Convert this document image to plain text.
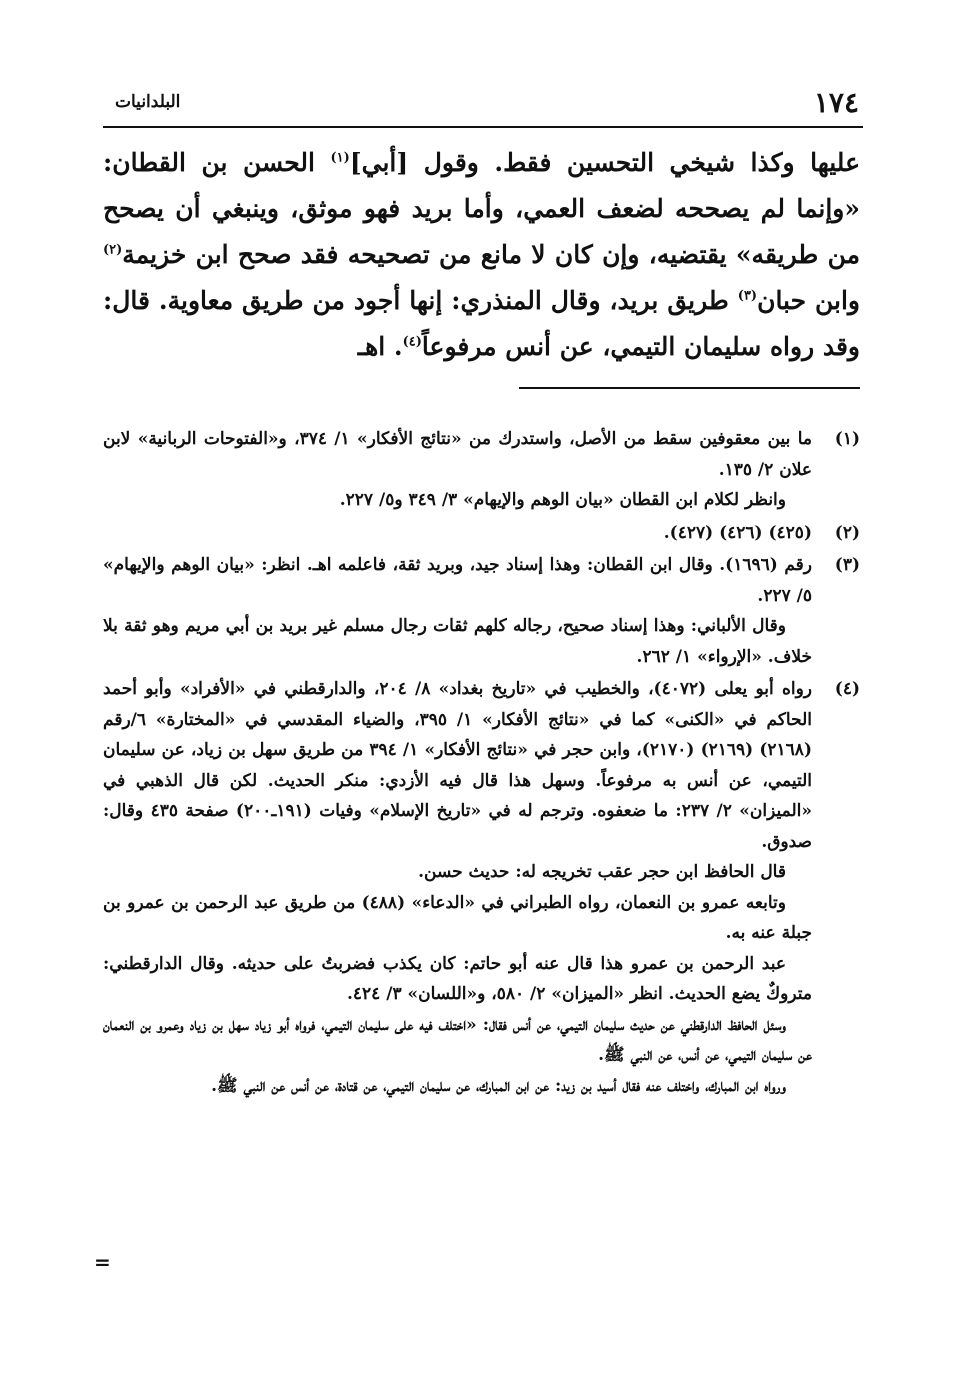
١٧٤
البلدانيات

عليها وكذا شيخي التحسين فقط. وقول [أبي]$^{(١)}$ الحسن بن القطان: «وإنما لم يصححه لضعف العمي، وأما بريد فهو موثق، وينبغي أن يصحح من طريقه» يقتضيه، وإن كان لا مانع من تصحيحه فقد صحح ابن خزيمة$^{(٢)}$ وابن حبان$^{(٣)}$ طريق بريد، وقال المنذري: إنها أجود من طريق معاوية. قال: وقد رواه سليمان التيمي، عن أنس مرفوعاً$^{(٤)}$. اهـ

(١)

ما بين معقوفين سقط من الأصل، واستدرك من «نتائج الأفكار» ١/ ٣٧٤، و«الفتوحات الربانية» لابن علان ٢/ ١٣٥.

وانظر لكلام ابن القطان «بيان الوهم والإيهام» ٣/ ٣٤٩ و٥/ ٢٢٧.

(٢)

(٤٢٥) (٤٢٦) (٤٢٧).

(٣)

رقم (١٦٩٦). وقال ابن القطان: وهذا إسناد جيد، وبريد ثقة، فاعلمه اهـ. انظر: «بيان الوهم والإيهام» ٥/ ٢٢٧.

وقال الألباني: وهذا إسناد صحيح، رجاله كلهم ثقات رجال مسلم غير بريد بن أبي مريم وهو ثقة بلا خلاف. «الإرواء» ١/ ٢٦٢.

(٤)

رواه أبو يعلى (٤٠٧٢)، والخطيب في «تاريخ بغداد» ٨/ ٢٠٤، والدارقطني في «الأفراد» وأبو أحمد الحاكم في «الكنى» كما في «نتائج الأفكار» ١/ ٣٩٥، والضياء المقدسي في «المختارة» ٦/رقم (٢١٦٨) (٢١٦٩) (٢١٧٠)، وابن حجر في «نتائج الأفكار» ١/ ٣٩٤ من طريق سهل بن زياد، عن سليمان التيمي، عن أنس به مرفوعاً. وسهل هذا قال فيه الأزدي: منكر الحديث. لكن قال الذهبي في «الميزان» ٢/ ٢٣٧: ما ضعفوه. وترجم له في «تاريخ الإسلام» وفيات (١٩١ـ٢٠٠) صفحة ٤٣٥ وقال: صدوق.

قال الحافظ ابن حجر عقب تخريجه له: حديث حسن.

وتابعه عمرو بن النعمان، رواه الطبراني في «الدعاء» (٤٨٨) من طريق عبد الرحمن بن عمرو بن جبلة عنه به.

عبد الرحمن بن عمرو هذا قال عنه أبو حاتم: كان يكذب فضربتُ على حديثه. وقال الدارقطني: متروكٌ يضع الحديث. انظر «الميزان» ٢/ ٥٨٠، و«اللسان» ٣/ ٤٢٤.

وسئل الحافظ الدارقطني عن حديث سليمان التيمي، عن أنس فقال: «اختلف فيه على سليمان التيمي، فرواه أبو زياد سهل بن زياد وعمرو بن النعمان عن سليمان التيمي، عن أنس، عن النبي ﷺ.

ورواه ابن المبارك، واختلف عنه فقال أسيد بن زيد: عن ابن المبارك، عن سليمان التيمي، عن قتادة، عن أنس عن النبي ﷺ.

=
